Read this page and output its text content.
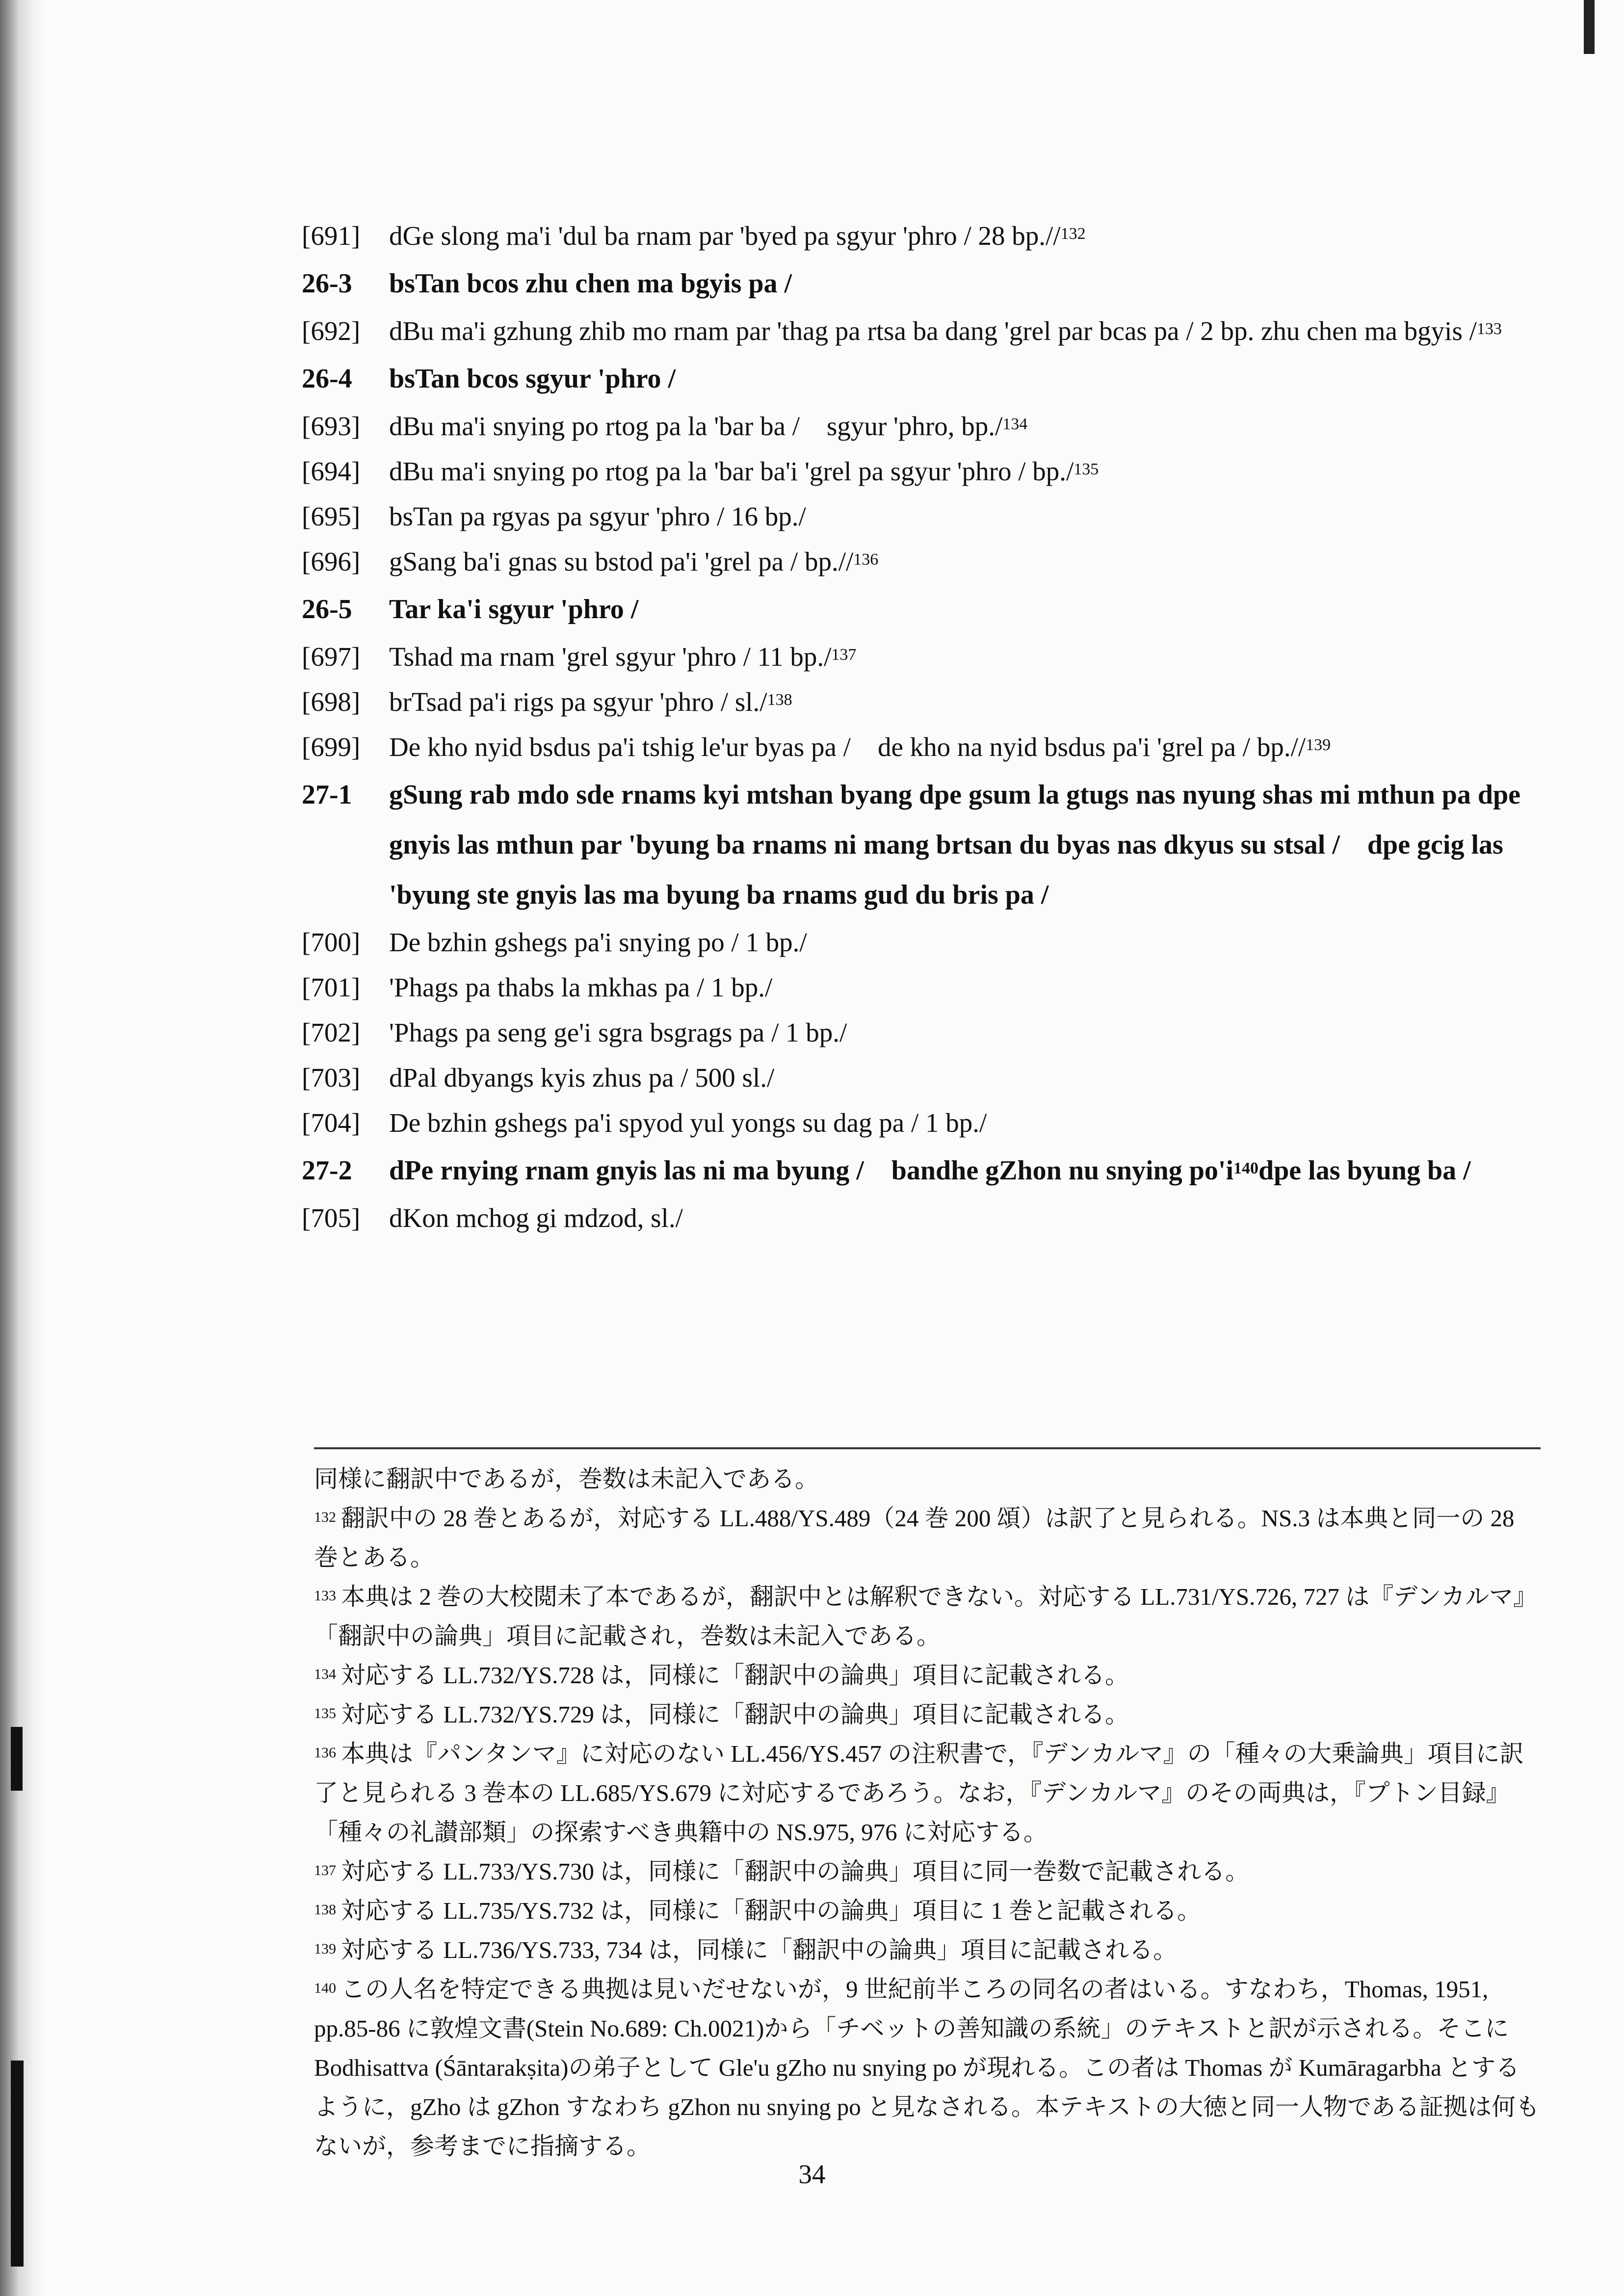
[691]	dGe slong ma'i 'dul ba rnam par 'byed pa sgyur 'phro / 28 bp.//$^{132}$
26-3	bsTan bcos zhu chen ma bgyis pa /
[692]	dBu ma'i gzhung zhib mo rnam par 'thag pa rtsa ba dang 'grel par bcas pa / 2 bp. zhu chen ma bgyis /$^{133}$
26-4	bsTan bcos sgyur 'phro /
[693]	dBu ma'i snying po rtog pa la 'bar ba /    sgyur 'phro, bp./$^{134}$
[694]	dBu ma'i snying po rtog pa la 'bar ba'i 'grel pa sgyur 'phro / bp./$^{135}$
[695]	bsTan pa rgyas pa sgyur 'phro / 16 bp./
[696]	gSang ba'i gnas su bstod pa'i 'grel pa / bp.//$^{136}$
26-5	Tar ka'i sgyur 'phro /
[697]	Tshad ma rnam 'grel sgyur 'phro / 11 bp./$^{137}$
[698]	brTsad pa'i rigs pa sgyur 'phro / sl./$^{138}$
[699]	De kho nyid bsdus pa'i tshig le'ur byas pa /    de kho na nyid bsdus pa'i 'grel pa / bp.//$^{139}$
27-1	gSung rab mdo sde rnams kyi mtshan byang dpe gsum la gtugs nas nyung shas mi mthun pa dpe gnyis las mthun par 'byung ba rnams ni mang brtsan du byas nas dkyus su stsal /    dpe gcig las 'byung ste gnyis las ma byung ba rnams gud du bris pa /
[700]	De bzhin gshegs pa'i snying po / 1 bp./
[701]	'Phags pa thabs la mkhas pa / 1 bp./
[702]	'Phags pa seng ge'i sgra bsgrags pa / 1 bp./
[703]	dPal dbyangs kyis zhus pa / 500 sl./
[704]	De bzhin gshegs pa'i spyod yul yongs su dag pa / 1 bp./
27-2	dPe rnying rnam gnyis las ni ma byung /    bandhe gZhon nu snying $po'i^{140}dpe$ las byung ba /
[705]	dKon mchog gi mdzod, sl./
同様に翻訳中であるが，巻数は未記入である。
$^{132}$ 翻訳中の 28 巻とあるが，対応する LL.488/YS.489（24 巻 200 頌）は訳了と見られる。NS.3 は本典と同一の 28 巻とある。
$^{133}$ 本典は 2 巻の大校閲未了本であるが，翻訳中とは解釈できない。対応する LL.731/YS.726, 727 は『デンカルマ』「翻訳中の論典」項目に記載され，巻数は未記入である。
$^{134}$ 対応する LL.732/YS.728 は，同様に「翻訳中の論典」項目に記載される。
$^{135}$ 対応する LL.732/YS.729 は，同様に「翻訳中の論典」項目に記載される。
$^{136}$ 本典は『パンタンマ』に対応のない LL.456/YS.457 の注釈書で，『デンカルマ』の「種々の大乗論典」項目に訳了と見られる 3 巻本の LL.685/YS.679 に対応するであろう。なお，『デンカルマ』のその両典は，『プトン目録』「種々の礼讃部類」の探索すべき典籍中の NS.975, 976 に対応する。
$^{137}$ 対応する LL.733/YS.730 は，同様に「翻訳中の論典」項目に同一巻数で記載される。
$^{138}$ 対応する LL.735/YS.732 は，同様に「翻訳中の論典」項目に 1 巻と記載される。
$^{139}$ 対応する LL.736/YS.733, 734 は，同様に「翻訳中の論典」項目に記載される。
$^{140}$ この人名を特定できる典拠は見いだせないが，9 世紀前半ころの同名の者はいる。すなわち，Thomas, 1951, pp.85-86 に敦煌文書(Stein No.689: Ch.0021)から「チベットの善知識の系統」のテキストと訳が示される。そこに Bodhisattva (Śāntarakṣita)の弟子として Gle'u gZho nu snying po が現れる。この者は Thomas が Kumāragarbha とするように，gZho は gZhon すなわち gZhon nu snying po と見なされる。本テキストの大徳と同一人物である証拠は何もないが，参考までに指摘する。
34
